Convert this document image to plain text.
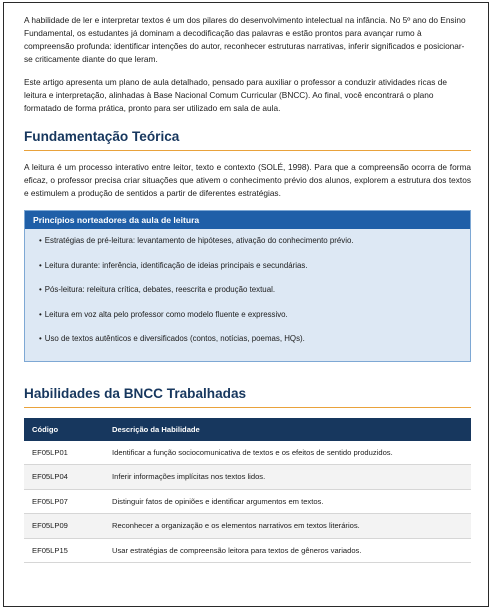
A habilidade de ler e interpretar textos é um dos pilares do desenvolvimento intelectual na infância. No 5º ano do Ensino Fundamental, os estudantes já dominam a decodificação das palavras e estão prontos para avançar rumo à compreensão profunda: identificar intenções do autor, reconhecer estruturas narrativas, inferir significados e posicionar-se criticamente diante do que leram.

Este artigo apresenta um plano de aula detalhado, pensado para auxiliar o professor a conduzir atividades ricas de leitura e interpretação, alinhadas à Base Nacional Comum Curricular (BNCC). Ao final, você encontrará o plano formatado de forma prática, pronto para ser utilizado em sala de aula.

Fundamentação Teórica

A leitura é um processo interativo entre leitor, texto e contexto (SOLÉ, 1998). Para que a compreensão ocorra de forma eficaz, o professor precisa criar situações que ativem o conhecimento prévio dos alunos, explorem a estrutura dos textos e estimulem a produção de sentidos a partir de diferentes estratégias.

Princípios norteadores da aula de leitura
• Estratégias de pré-leitura: levantamento de hipóteses, ativação do conhecimento prévio.
• Leitura durante: inferência, identificação de ideias principais e secundárias.
• Pós-leitura: releitura crítica, debates, reescrita e produção textual.
• Leitura em voz alta pelo professor como modelo fluente e expressivo.
• Uso de textos autênticos e diversificados (contos, notícias, poemas, HQs).
Habilidades da BNCC Trabalhadas
Código	Descrição da Habilidade
EF05LP01	Identificar a função sociocomunicativa de textos e os efeitos de sentido produzidos.
EF05LP04	Inferir informações implícitas nos textos lidos.
EF05LP07	Distinguir fatos de opiniões e identificar argumentos em textos.
EF05LP09	Reconhecer a organização e os elementos narrativos em textos literários.
EF05LP15	Usar estratégias de compreensão leitora para textos de gêneros variados.
